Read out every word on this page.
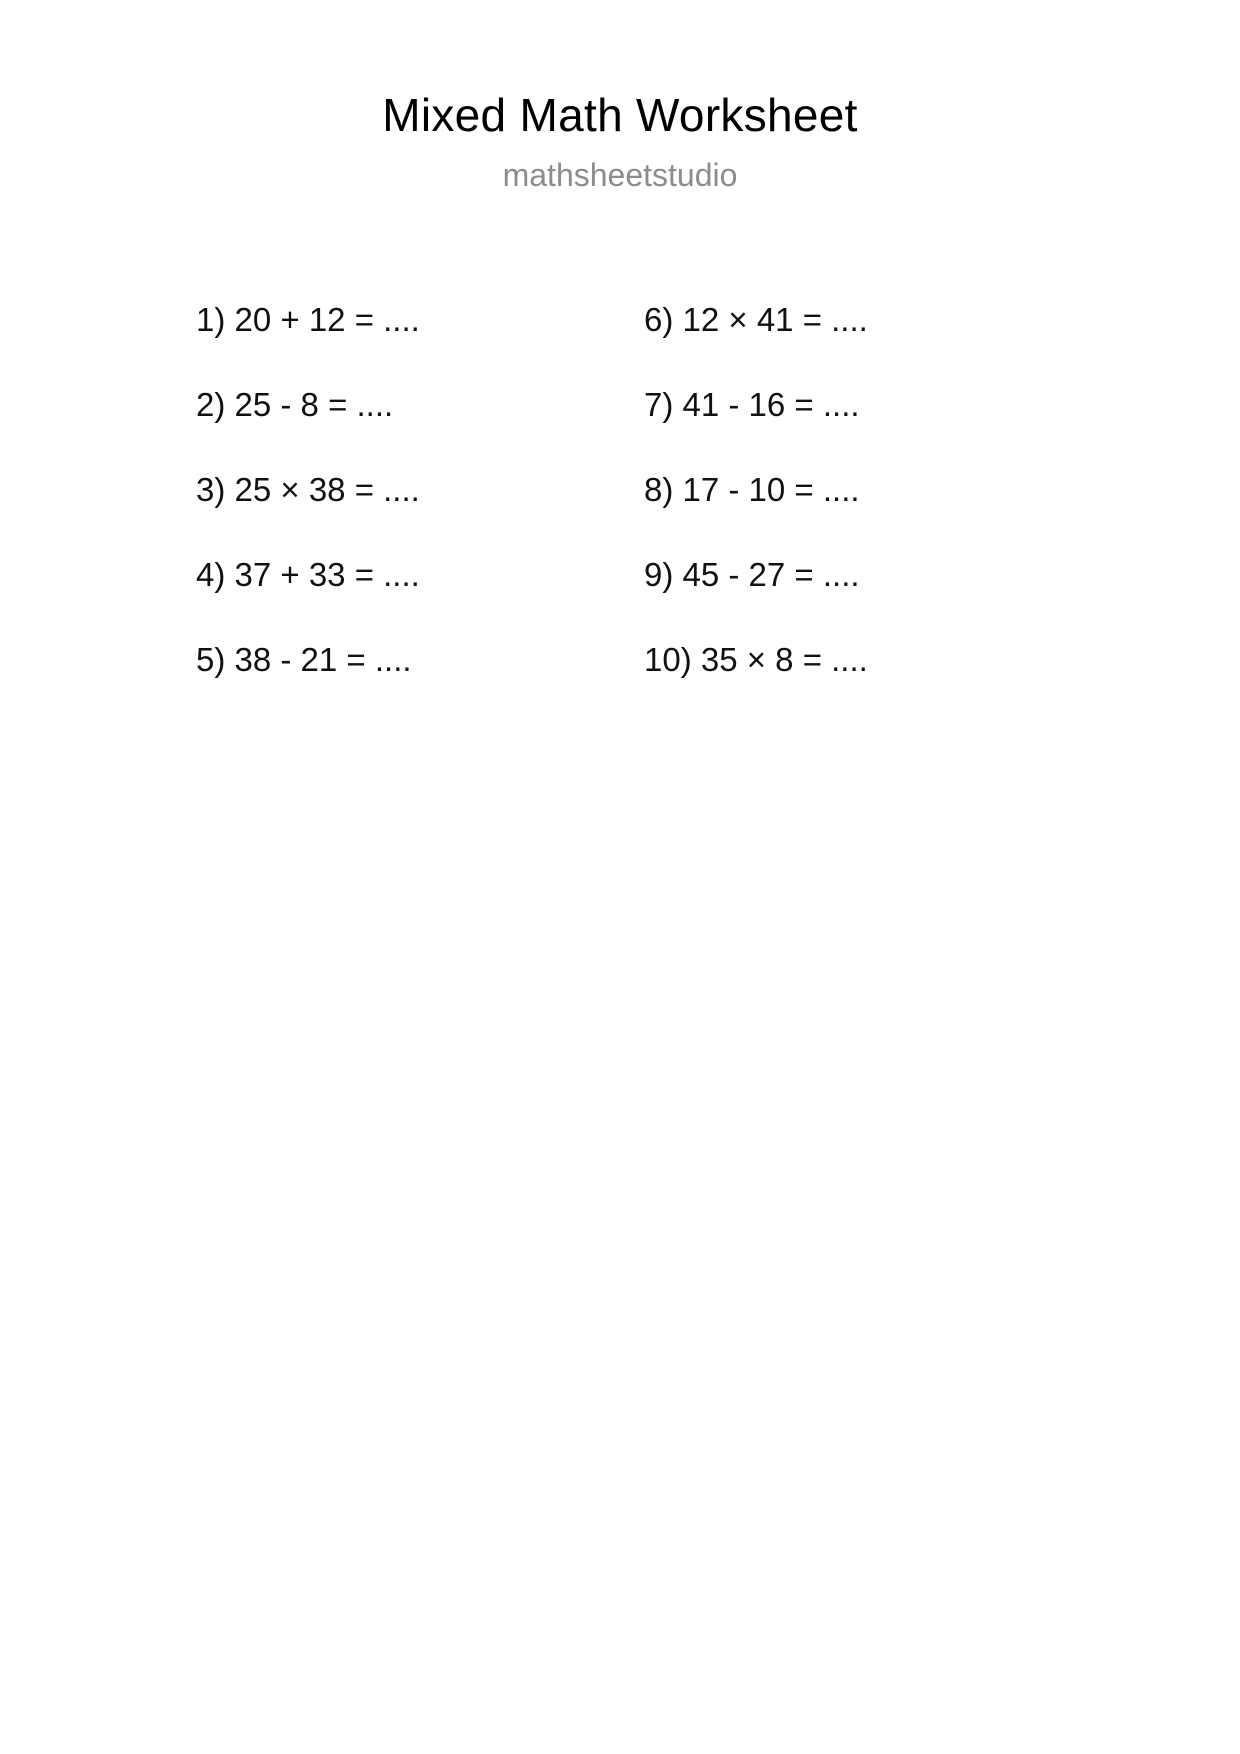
Mixed Math Worksheet
mathsheetstudio
1) 20 + 12 = ....
2) 25 - 8 = ....
3) 25 × 38 = ....
4) 37 + 33 = ....
5) 38 - 21 = ....
6) 12 × 41 = ....
7) 41 - 16 = ....
8) 17 - 10 = ....
9) 45 - 27 = ....
10) 35 × 8 = ....
